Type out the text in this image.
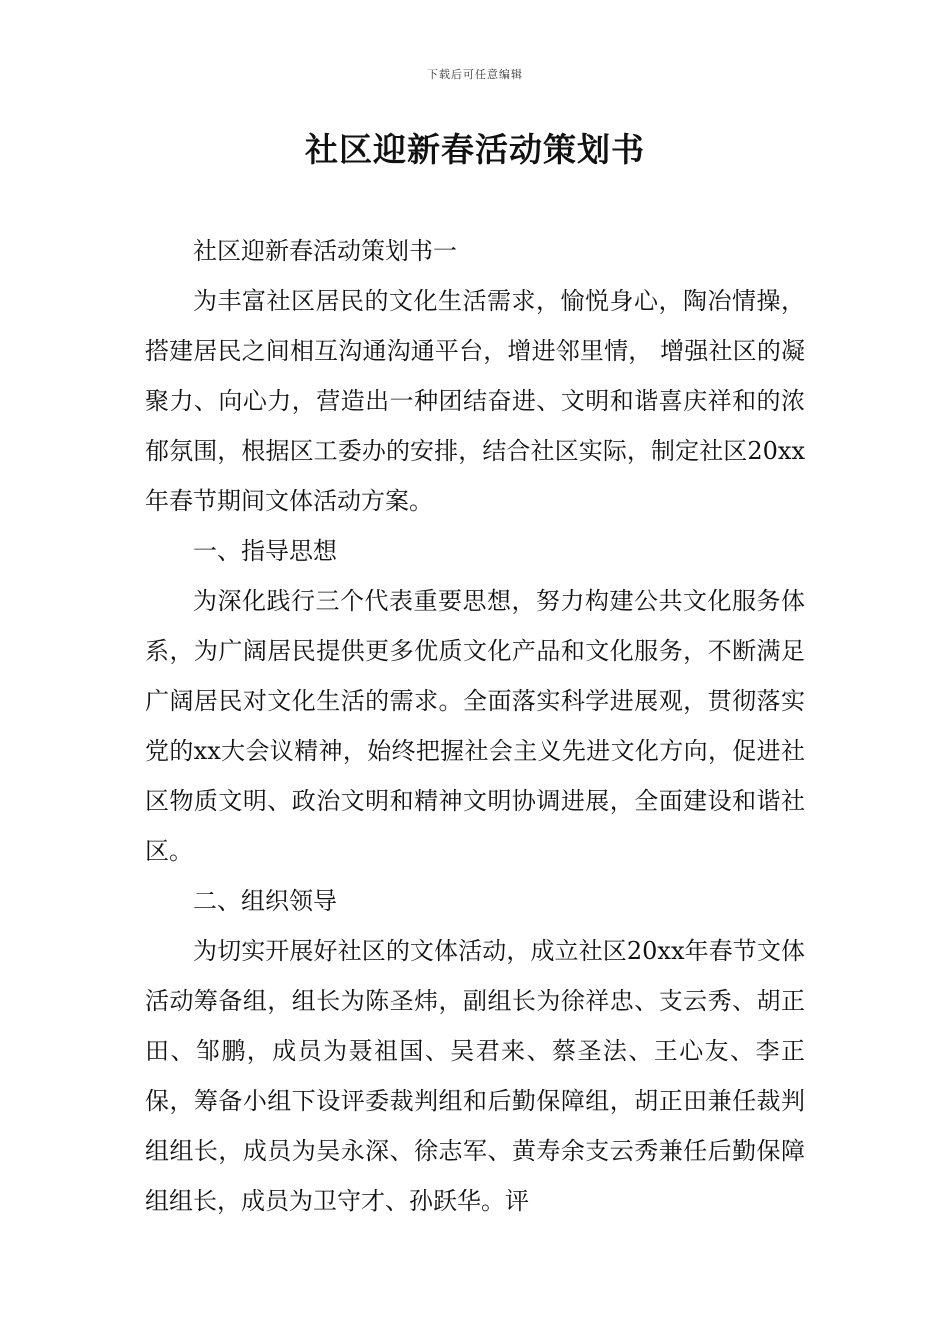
下载后可任意编辑
社区迎新春活动策划书

社区迎新春活动策划书一

为丰富社区居民的文化生活需求，愉悦身心，陶冶情操，搭建居民之间相互沟通沟通平台，增进邻里情， 增强社区的凝聚力、向心力，营造出一种团结奋进、文明和谐喜庆祥和的浓郁氛围，根据区工委办的安排，结合社区实际，制定社区20xx年春节期间文体活动方案。

一、指导思想

为深化践行三个代表重要思想，努力构建公共文化服务体系，为广阔居民提供更多优质文化产品和文化服务，不断满足广阔居民对文化生活的需求。全面落实科学进展观，贯彻落实党的xx大会议精神，始终把握社会主义先进文化方向，促进社区物质文明、政治文明和精神文明协调进展，全面建设和谐社区。

二、组织领导

为切实开展好社区的文体活动，成立社区20xx年春节文体活动筹备组，组长为陈圣炜，副组长为徐祥忠、支云秀、胡正田、邹鹏，成员为聂祖国、吴君来、蔡圣法、王心友、李正保，筹备小组下设评委裁判组和后勤保障组，胡正田兼任裁判组组长，成员为吴永深、徐志军、黄寿余支云秀兼任后勤保障组组长，成员为卫守才、孙跃华。评
